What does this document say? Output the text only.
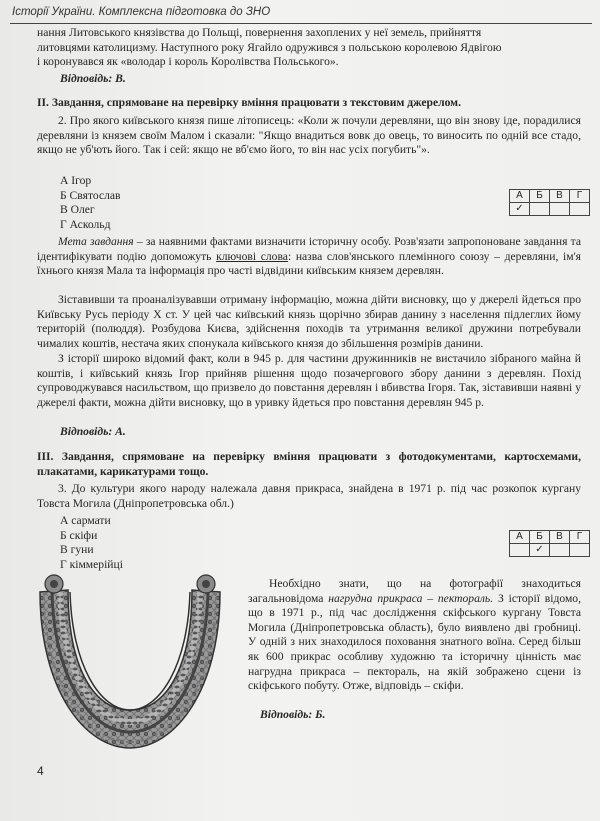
Історії України. Комплексна підготовка до ЗНО
нання Литовського князівства до Польщі, повернення захоплених у неї земель, прийняття
литовцями католицизму. Наступного року Ягайло одружився з польською королевою Ядвігою
і коронувався як «володар і король Королівства Польського».
Відповідь: В.
ІІ. Завдання, спрямоване на перевірку вміння працювати з текстовим джерелом.
2. Про якого київського князя пише літописець: «Коли ж почули деревляни, що він знову іде, порадилися деревляни із князем своїм Малом і сказали: "Якщо внадиться вовк до овець, то виносить по одній все стадо, якщо не уб'ють його. Так і сей: якщо не вб'ємо його, то він нас усіх погубить"».
А Ігор
Б Святослав
В Олег
Г Аскольд
А	Б	В	Г
✓			
Мета завдання – за наявними фактами визначити історичну особу. Розв'язати запропоноване завдання та ідентифікувати подію допоможуть ключові слова: назва слов'янського племінного союзу – деревляни, ім'я їхнього князя Мала та інформація про часті відвідини київським князем деревлян.
Зіставивши та проаналізувавши отриману інформацію, можна дійти висновку, що у джерелі йдеться про Київську Русь періоду X ст. У цей час київський князь щорічно збирав данину з населення підлеглих йому територій (полюддя). Розбудова Києва, здійснення походів та утримання великої дружини потребували чималих коштів, нестача яких спонукала київського князя до збільшення розмірів данини.
З історії широко відомий факт, коли в 945 р. для частини дружинників не вистачило зібраного майна й коштів, і київський князь Ігор прийняв рішення щодо позачергового збору данини з деревлян. Похід супроводжувався насильством, що призвело до повстання деревлян і вбивства Ігоря. Так, зіставивши наявні у джерелі факти, можна дійти висновку, що в уривку йдеться про повстання деревлян 945 р.
Відповідь: А.
ІІІ. Завдання, спрямоване на перевірку вміння працювати з фотодокументами, картосхемами, плакатами, карикатурами тощо.
3. До культури якого народу належала давня прикраса, знайдена в 1971 р. під час розкопок кургану Товста Могила (Дніпропетровська обл.)
А сармати
Б скіфи
В гуни
Г кіммерійці
А	Б	В	Г
	✓		
Необхідно знати, що на фотографії знаходиться загальновідома нагрудна прикраса – пектораль. З історії відомо, що в 1971 р., під час дослідження скіфського кургану Товста Могила (Дніпропетровська область), було виявлено дві гробниці. У одній з них знаходилося поховання знатного воїна. Серед більш як 600 прикрас особливу художню та історичну цінність має нагрудна прикраса – пектораль, на якій зображено сцени із скіфського побуту. Отже, відповідь – скіфи.
Відповідь: Б.
4
